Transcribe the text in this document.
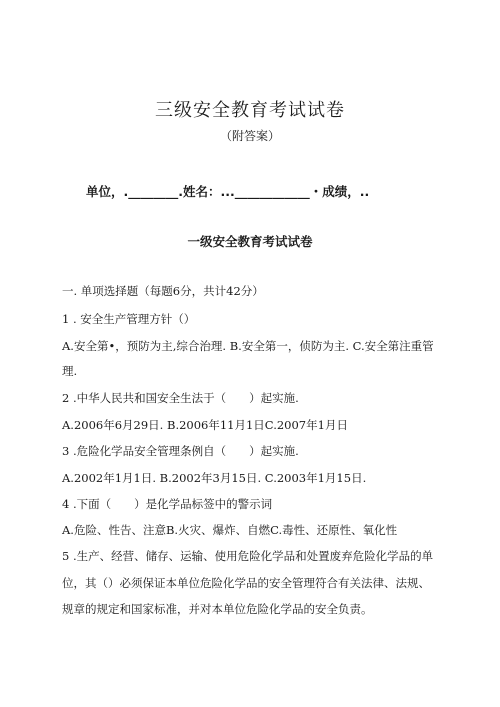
三级安全教育考试试卷
（附答案）
单位，.________.姓名：...____________・成绩，..
一级安全教育考试试卷
一. 单项选择题（每题6分，共计42分）
1 . 安全生产管理方针（）
A.安全第•，预防为主,综合治理. B.安全第一，侦防为主. C.安全第注重管
理.
2 .中华人民共和国安全生法于（　　）起实施.
A.2006年6月29日. B.2006年11月1日C.2007年1月日
3 .危险化学品安全管理条例自（　　）起实施.
A.2002年1月1日. B.2002年3月15日. C.2003年1月15日.
4 .下面（　　）是化学品标签中的警示词
A.危险、性告、注意B.火灾、爆炸、自燃C.毒性、还原性、氧化性
5 .生产、经营、储存、运输、使用危险化学品和处置废弃危险化学品的单
位，其（）必须保证本单位危险化学品的安全管理符合有关法律、法规、
规章的规定和国家标准，并对本单位危险化学品的安全负责。
